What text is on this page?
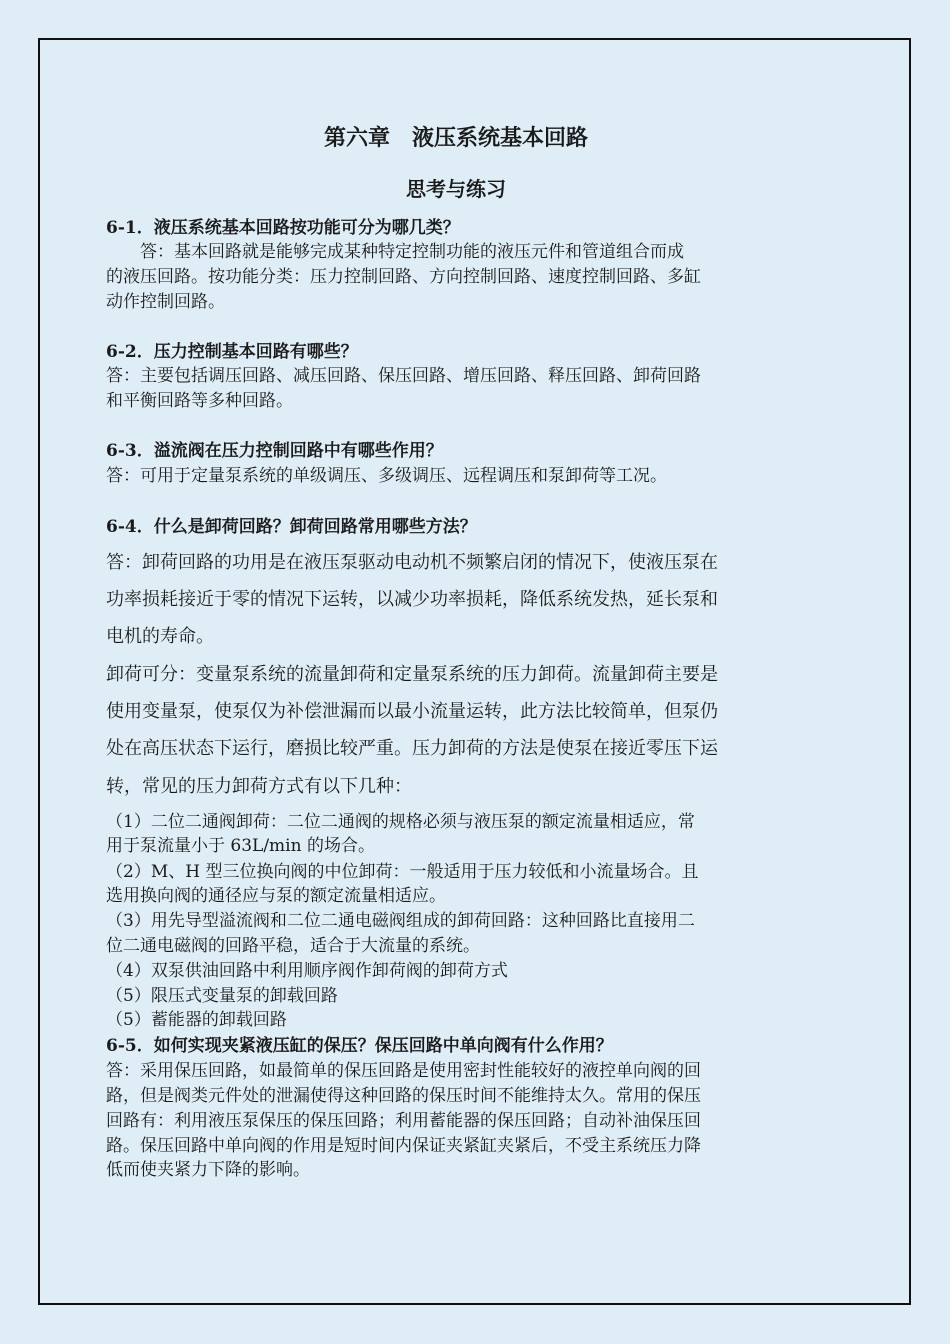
第六章　液压系统基本回路
思考与练习
6-1．液压系统基本回路按功能可分为哪几类？
　　答：基本回路就是能够完成某种特定控制功能的液压元件和管道组合而成
的液压回路。按功能分类：压力控制回路、方向控制回路、速度控制回路、多缸
动作控制回路。
6-2．压力控制基本回路有哪些？
答：主要包括调压回路、减压回路、保压回路、增压回路、释压回路、卸荷回路
和平衡回路等多种回路。
6-3．溢流阀在压力控制回路中有哪些作用？
答：可用于定量泵系统的单级调压、多级调压、远程调压和泵卸荷等工况。
6-4．什么是卸荷回路？卸荷回路常用哪些方法？
答：卸荷回路的功用是在液压泵驱动电动机不频繁启闭的情况下，使液压泵在
功率损耗接近于零的情况下运转，以减少功率损耗，降低系统发热，延长泵和
电机的寿命。
卸荷可分：变量泵系统的流量卸荷和定量泵系统的压力卸荷。流量卸荷主要是
使用变量泵，使泵仅为补偿泄漏而以最小流量运转，此方法比较简单，但泵仍
处在高压状态下运行，磨损比较严重。压力卸荷的方法是使泵在接近零压下运
转，常见的压力卸荷方式有以下几种：
（1）二位二通阀卸荷：二位二通阀的规格必须与液压泵的额定流量相适应，常
用于泵流量小于 63L/min 的场合。
（2）M、H 型三位换向阀的中位卸荷：一般适用于压力较低和小流量场合。且
选用换向阀的通径应与泵的额定流量相适应。
（3）用先导型溢流阀和二位二通电磁阀组成的卸荷回路：这种回路比直接用二
位二通电磁阀的回路平稳，适合于大流量的系统。
（4）双泵供油回路中利用顺序阀作卸荷阀的卸荷方式
（5）限压式变量泵的卸载回路
（5）蓄能器的卸载回路
6-5．如何实现夹紧液压缸的保压？保压回路中单向阀有什么作用？
答：采用保压回路，如最简单的保压回路是使用密封性能较好的液控单向阀的回
路，但是阀类元件处的泄漏使得这种回路的保压时间不能维持太久。常用的保压
回路有：利用液压泵保压的保压回路；利用蓄能器的保压回路；自动补油保压回
路。保压回路中单向阀的作用是短时间内保证夹紧缸夹紧后，不受主系统压力降
低而使夹紧力下降的影响。
